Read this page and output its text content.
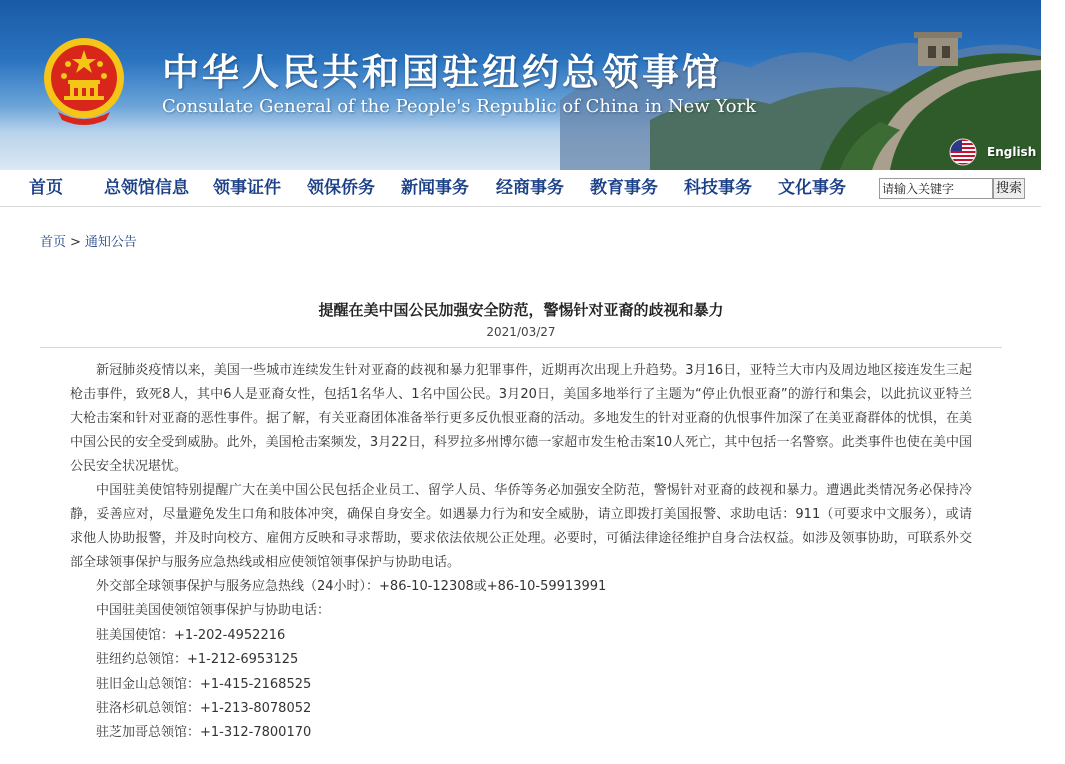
中华人民共和国驻纽约总领事馆
Consulate General of the People's Republic of China in New York
English
首页 总领馆信息 领事证件 领保侨务 新闻事务 经商事务 教育事务 科技事务 文化事务
请输入关键字	搜索
首页 > 通知公告
提醒在美中国公民加强安全防范，警惕针对亚裔的歧视和暴力
2021/03/27

新冠肺炎疫情以来，美国一些城市连续发生针对亚裔的歧视和暴力犯罪事件，近期再次出现上升趋势。3月16日，亚特兰大市内及周边地区接连发生三起枪击事件，致死8人，其中6人是亚裔女性，包括1名华人、1名中国公民。3月20日，美国多地举行了主题为“停止仇恨亚裔”的游行和集会，以此抗议亚特兰大枪击案和针对亚裔的恶性事件。据了解，有关亚裔团体准备举行更多反仇恨亚裔的活动。多地发生的针对亚裔的仇恨事件加深了在美亚裔群体的忧惧，在美中国公民的安全受到威胁。此外，美国枪击案频发，3月22日，科罗拉多州博尔德一家超市发生枪击案10人死亡，其中包括一名警察。此类事件也使在美中国公民安全状况堪忧。

中国驻美使馆特别提醒广大在美中国公民包括企业员工、留学人员、华侨等务必加强安全防范，警惕针对亚裔的歧视和暴力。遭遇此类情况务必保持冷静，妥善应对，尽量避免发生口角和肢体冲突，确保自身安全。如遇暴力行为和安全威胁，请立即拨打美国报警、求助电话：911（可要求中文服务），或请求他人协助报警，并及时向校方、雇佣方反映和寻求帮助，要求依法依规公正处理。必要时，可循法律途径维护自身合法权益。如涉及领事协助，可联系外交部全球领事保护与服务应急热线或相应使领馆领事保护与协助电话。

外交部全球领事保护与服务应急热线（24小时）：+86-10-12308或+86-10-59913991

中国驻美国使领馆领事保护与协助电话：

驻美国使馆：+1-202-4952216

驻纽约总领馆：+1-212-6953125

驻旧金山总领馆：+1-415-2168525

驻洛杉矶总领馆：+1-213-8078052

驻芝加哥总领馆：+1-312-7800170
